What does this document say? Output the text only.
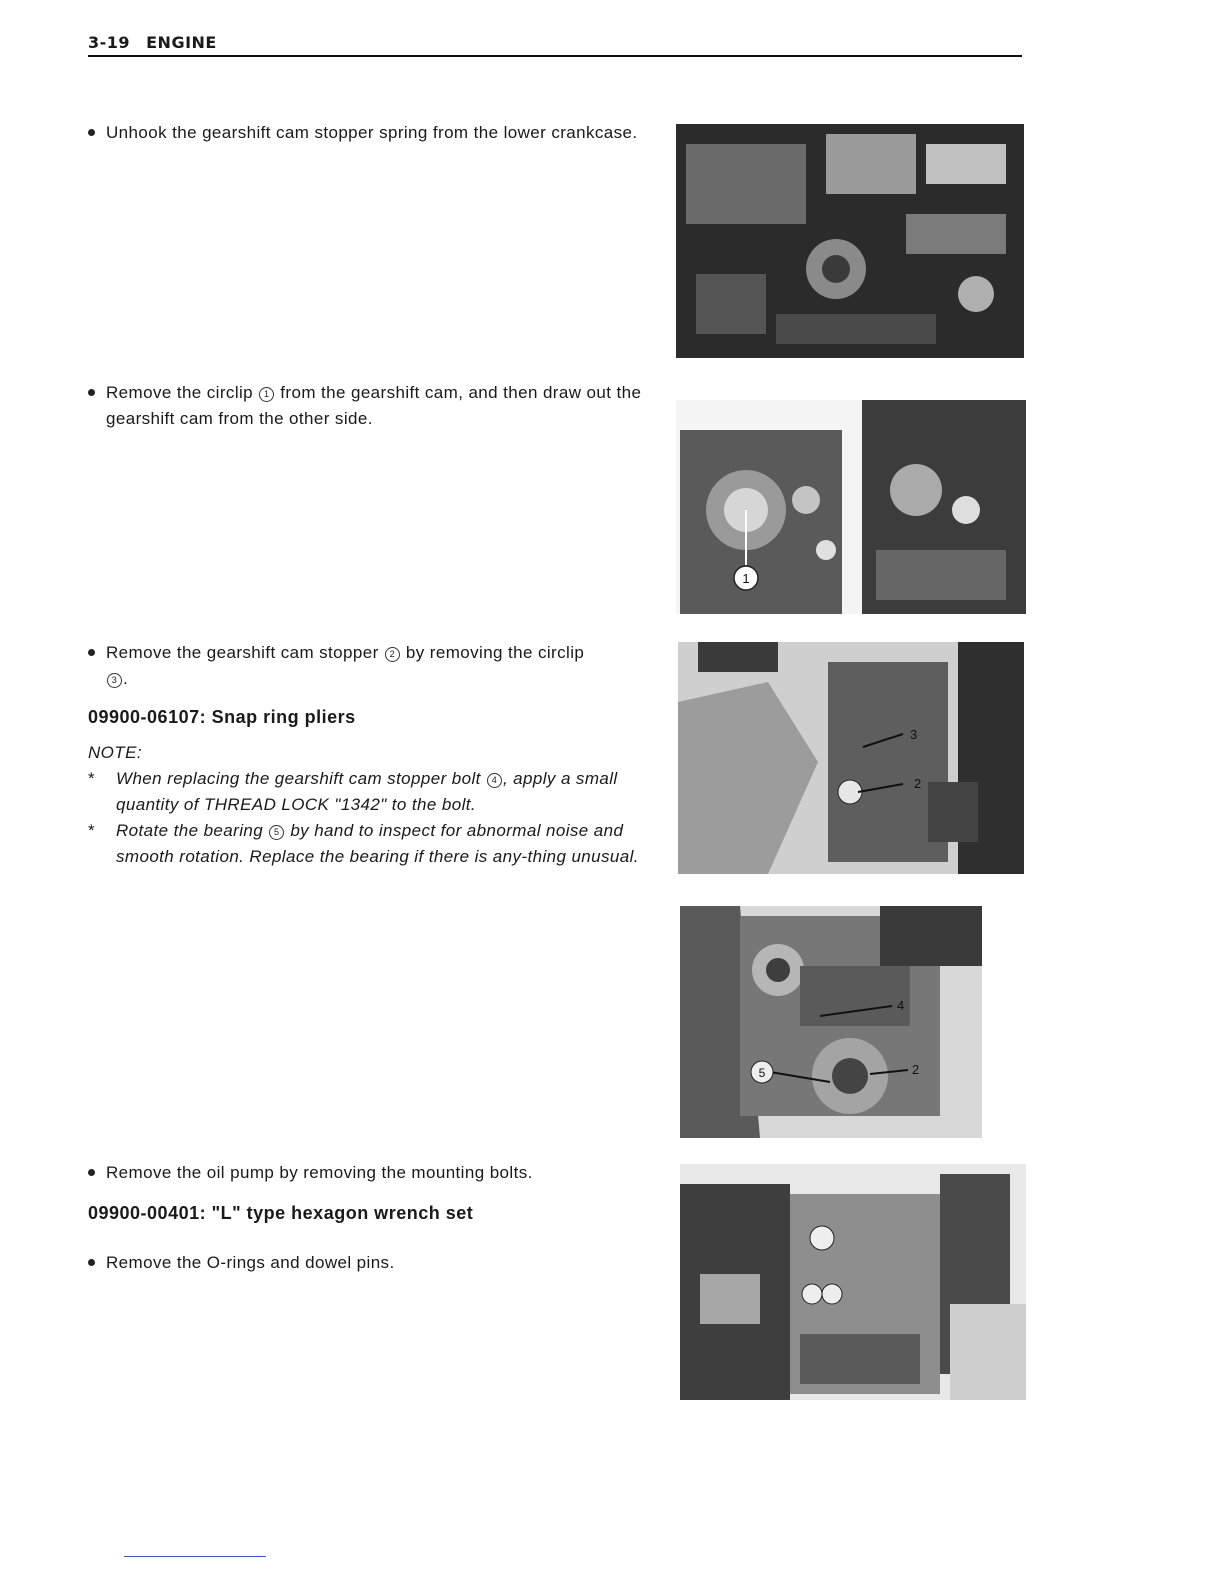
3-19 ENGINE
Unhook the gearshift cam stopper spring from the lower crankcase.
Remove the circlip 1 from the gearshift cam, and then draw out the gearshift cam from the other side.
Remove the gearshift cam stopper 2 by removing the circlip
3 .
09900-06107: Snap ring pliers
NOTE:
* When replacing the gearshift cam stopper bolt 4 , apply a small quantity of THREAD LOCK "1342" to the bolt.
* Rotate the bearing 5 by hand to inspect for abnormal noise and smooth rotation. Replace the bearing if there is any-thing unusual.
Remove the oil pump by removing the mounting bolts.
09900-00401: "L" type hexagon wrench set
Remove the O-rings and dowel pins.
1
3
2
4
5	2
